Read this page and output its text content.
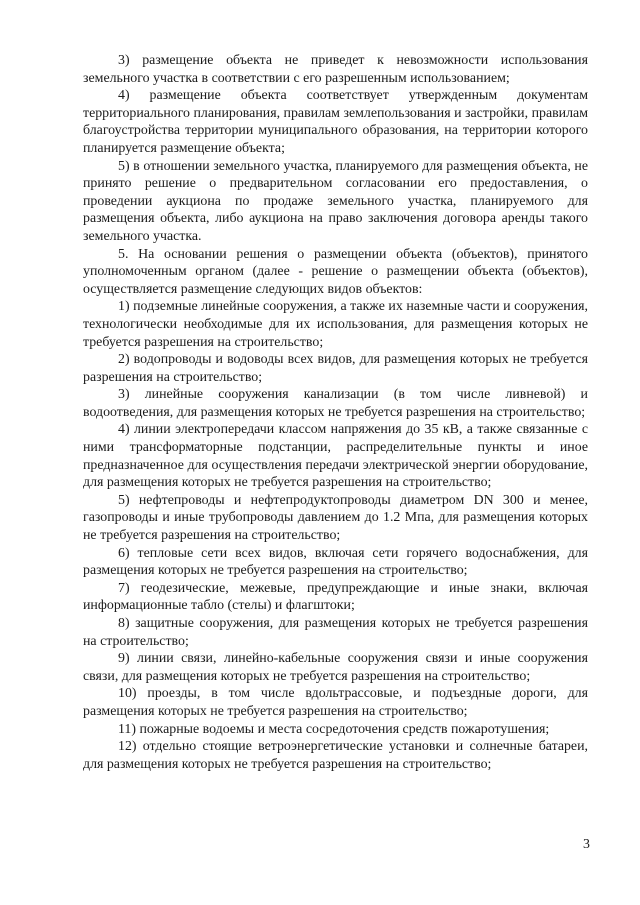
3) размещение объекта не приведет к невозможности использования земельного участка в соответствии с его разрешенным использованием;

4) размещение объекта соответствует утвержденным документам территориального планирования, правилам землепользования и застройки, правилам благоустройства территории муниципального образования, на территории которого планируется размещение объекта;

5) в отношении земельного участка, планируемого для размещения объекта, не принято решение о предварительном согласовании его предоставления, о проведении аукциона по продаже земельного участка, планируемого для размещения объекта, либо аукциона на право заключения договора аренды такого земельного участка.

5. На основании решения о размещении объекта (объектов), принятого уполномоченным органом (далее - решение о размещении объекта (объектов), осуществляется размещение следующих видов объектов:

1) подземные линейные сооружения, а также их наземные части и сооружения, технологически необходимые для их использования, для размещения которых не требуется разрешения на строительство;

2) водопроводы и водоводы всех видов, для размещения которых не требуется разрешения на строительство;

3) линейные сооружения канализации (в том числе ливневой) и водоотведения, для размещения которых не требуется разрешения на строительство;

4) линии электропередачи классом напряжения до 35 кВ, а также связанные с ними трансформаторные подстанции, распределительные пункты и иное предназначенное для осуществления передачи электрической энергии оборудование, для размещения которых не требуется разрешения на строительство;

5) нефтепроводы и нефтепродуктопроводы диаметром DN 300 и менее, газопроводы и иные трубопроводы давлением до 1.2 Мпа, для размещения которых не требуется разрешения на строительство;

6) тепловые сети всех видов, включая сети горячего водоснабжения, для размещения которых не требуется разрешения на строительство;

7) геодезические, межевые, предупреждающие и иные знаки, включая информационные табло (стелы) и флагштоки;

8) защитные сооружения, для размещения которых не требуется разрешения на строительство;

9) линии связи, линейно-кабельные сооружения связи и иные сооружения связи, для размещения которых не требуется разрешения на строительство;

10) проезды, в том числе вдольтрассовые, и подъездные дороги, для размещения которых не требуется разрешения на строительство;

11) пожарные водоемы и места сосредоточения средств пожаротушения;

12) отдельно стоящие ветроэнергетические установки и солнечные батареи, для размещения которых не требуется разрешения на строительство;

3
